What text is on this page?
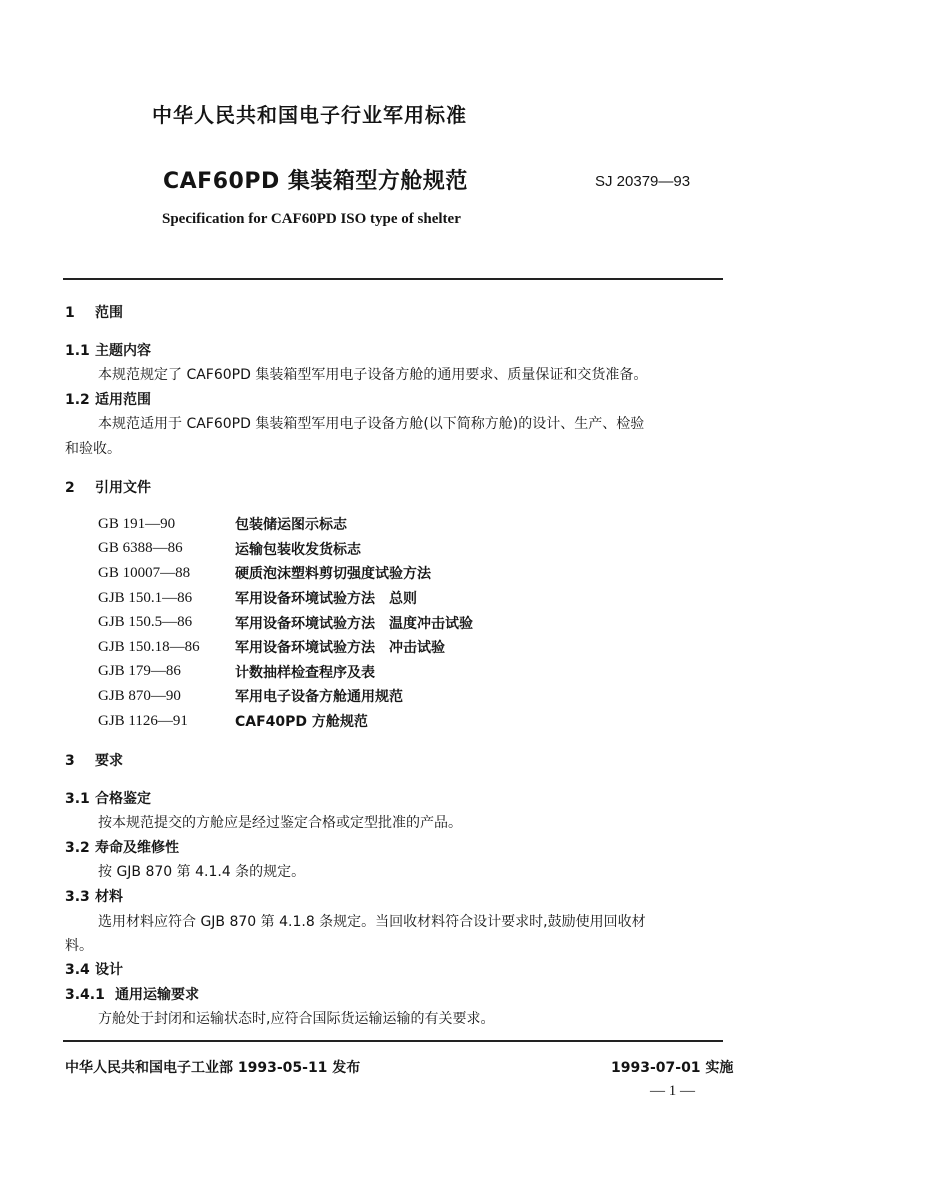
中华人民共和国电子行业军用标准
CAF60PD 集装箱型方舱规范	SJ 20379—93
Specification for CAF60PD ISO type of shelter
1 范围
1.1 主题内容
本规范规定了 CAF60PD 集装箱型军用电子设备方舱的通用要求、质量保证和交货准备。
1.2 适用范围
本规范适用于 CAF60PD 集装箱型军用电子设备方舱(以下简称方舱)的设计、生产、检验
和验收。
2 引用文件
GB 191—90	包装储运图示标志
GB 6388—86	运输包装收发货标志
GB 10007—88	硬质泡沫塑料剪切强度试验方法
GJB 150.1—86	军用设备环境试验方法　总则
GJB 150.5—86	军用设备环境试验方法　温度冲击试验
GJB 150.18—86	军用设备环境试验方法　冲击试验
GJB 179—86	计数抽样检查程序及表
GJB 870—90	军用电子设备方舱通用规范
GJB 1126—91	CAF40PD 方舱规范
3 要求
3.1 合格鉴定
按本规范提交的方舱应是经过鉴定合格或定型批准的产品。
3.2 寿命及维修性
按 GJB 870 第 4.1.4 条的规定。
3.3 材料
选用材料应符合 GJB 870 第 4.1.8 条规定。当回收材料符合设计要求时,鼓励使用回收材
料。
3.4 设计
3.4.1 通用运输要求
方舱处于封闭和运输状态时,应符合国际货运输运输的有关要求。
中华人民共和国电子工业部 1993-05-11 发布	1993-07-01 实施
— 1 —
